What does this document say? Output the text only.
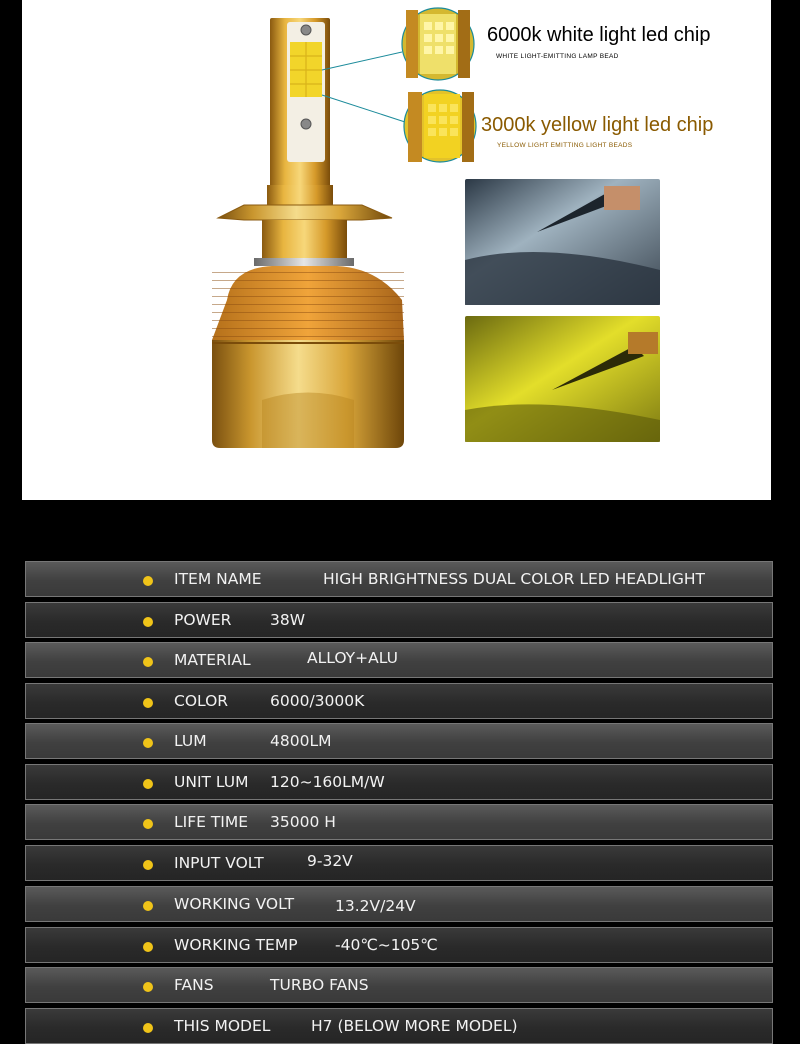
6000k white light led chip
WHITE LIGHT-EMITTING LAMP BEAD
3000k yellow light led chip
YELLOW LIGHT EMITTING LIGHT BEADS
ITEM NAME	HIGH BRIGHTNESS DUAL COLOR LED HEADLIGHT
POWER 38W
MATERIAL	ALLOY+ALU
COLOR	6000/3000K
LUM	4800LM
UNIT LUM 120~160LM/W
LIFE TIME 35000 H
INPUT VOLT	9-32V
WORKING VOLT	13.2V/24V
WORKING TEMP -40℃~105℃
FANS	TURBO FANS
THIS MODEL	H7 (BELOW MORE MODEL)
